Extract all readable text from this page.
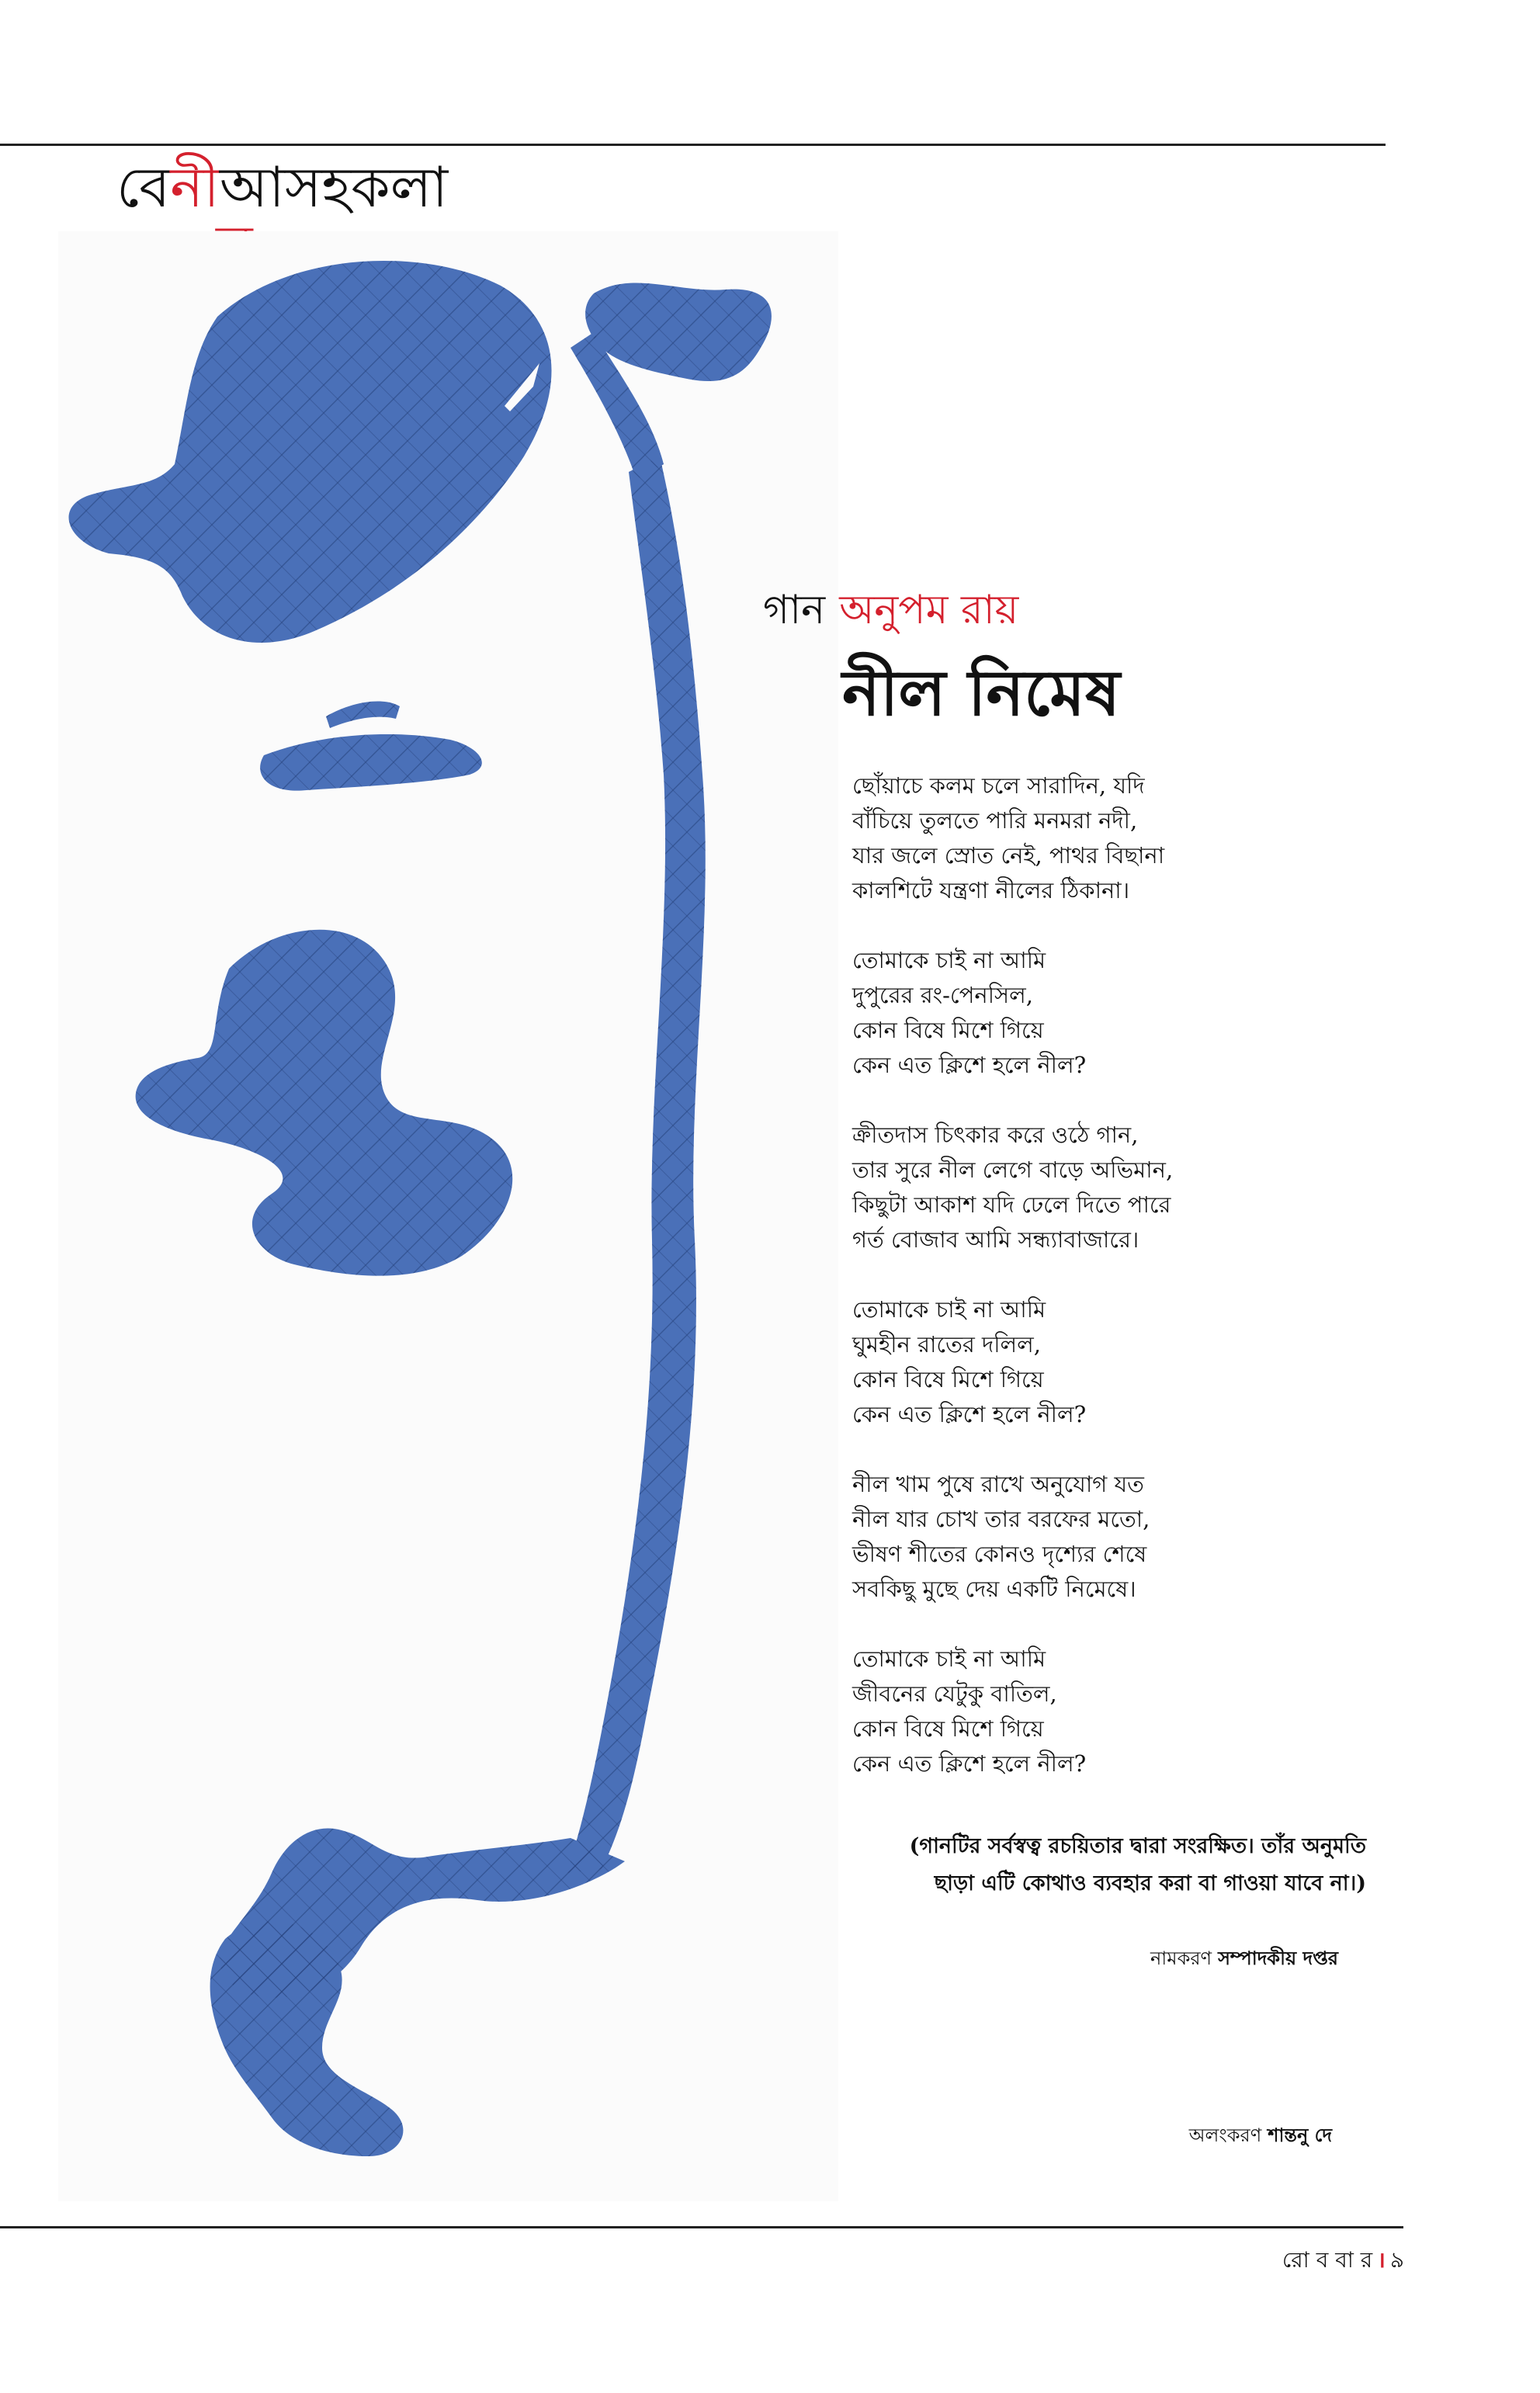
বেনীআসহকলা
গান অনুপম রায়
নীল নিমেষ
ছোঁয়াচে কলম চলে সারাদিন, যদি
বাঁচিয়ে তুলতে পারি মনমরা নদী,
যার জলে স্রোত নেই, পাথর বিছানা
কালশিটে যন্ত্রণা নীলের ঠিকানা।
তোমাকে চাই না আমি
দুপুরের রং-পেনসিল,
কোন বিষে মিশে গিয়ে
কেন এত ক্লিশে হলে নীল?
ক্রীতদাস চিৎকার করে ওঠে গান,
তার সুরে নীল লেগে বাড়ে অভিমান,
কিছুটা আকাশ যদি ঢেলে দিতে পারে
গর্ত বোজাব আমি সন্ধ্যাবাজারে।
তোমাকে চাই না আমি
ঘুমহীন রাতের দলিল,
কোন বিষে মিশে গিয়ে
কেন এত ক্লিশে হলে নীল?
নীল খাম পুষে রাখে অনুযোগ যত
নীল যার চোখ তার বরফের মতো,
ভীষণ শীতের কোনও দৃশ্যের শেষে
সবকিছু মুছে দেয় একটি নিমেষে।
তোমাকে চাই না আমি
জীবনের যেটুকু বাতিল,
কোন বিষে মিশে গিয়ে
কেন এত ক্লিশে হলে নীল?
(গানটির সর্বস্বত্ব রচয়িতার দ্বারা সংরক্ষিত। তাঁর অনুমতি
ছাড়া এটি কোথাও ব্যবহার করা বা গাওয়া যাবে না।)
নামকরণ সম্পাদকীয় দপ্তর
অলংকরণ শান্তনু দে
রো ব বা র । ৯
